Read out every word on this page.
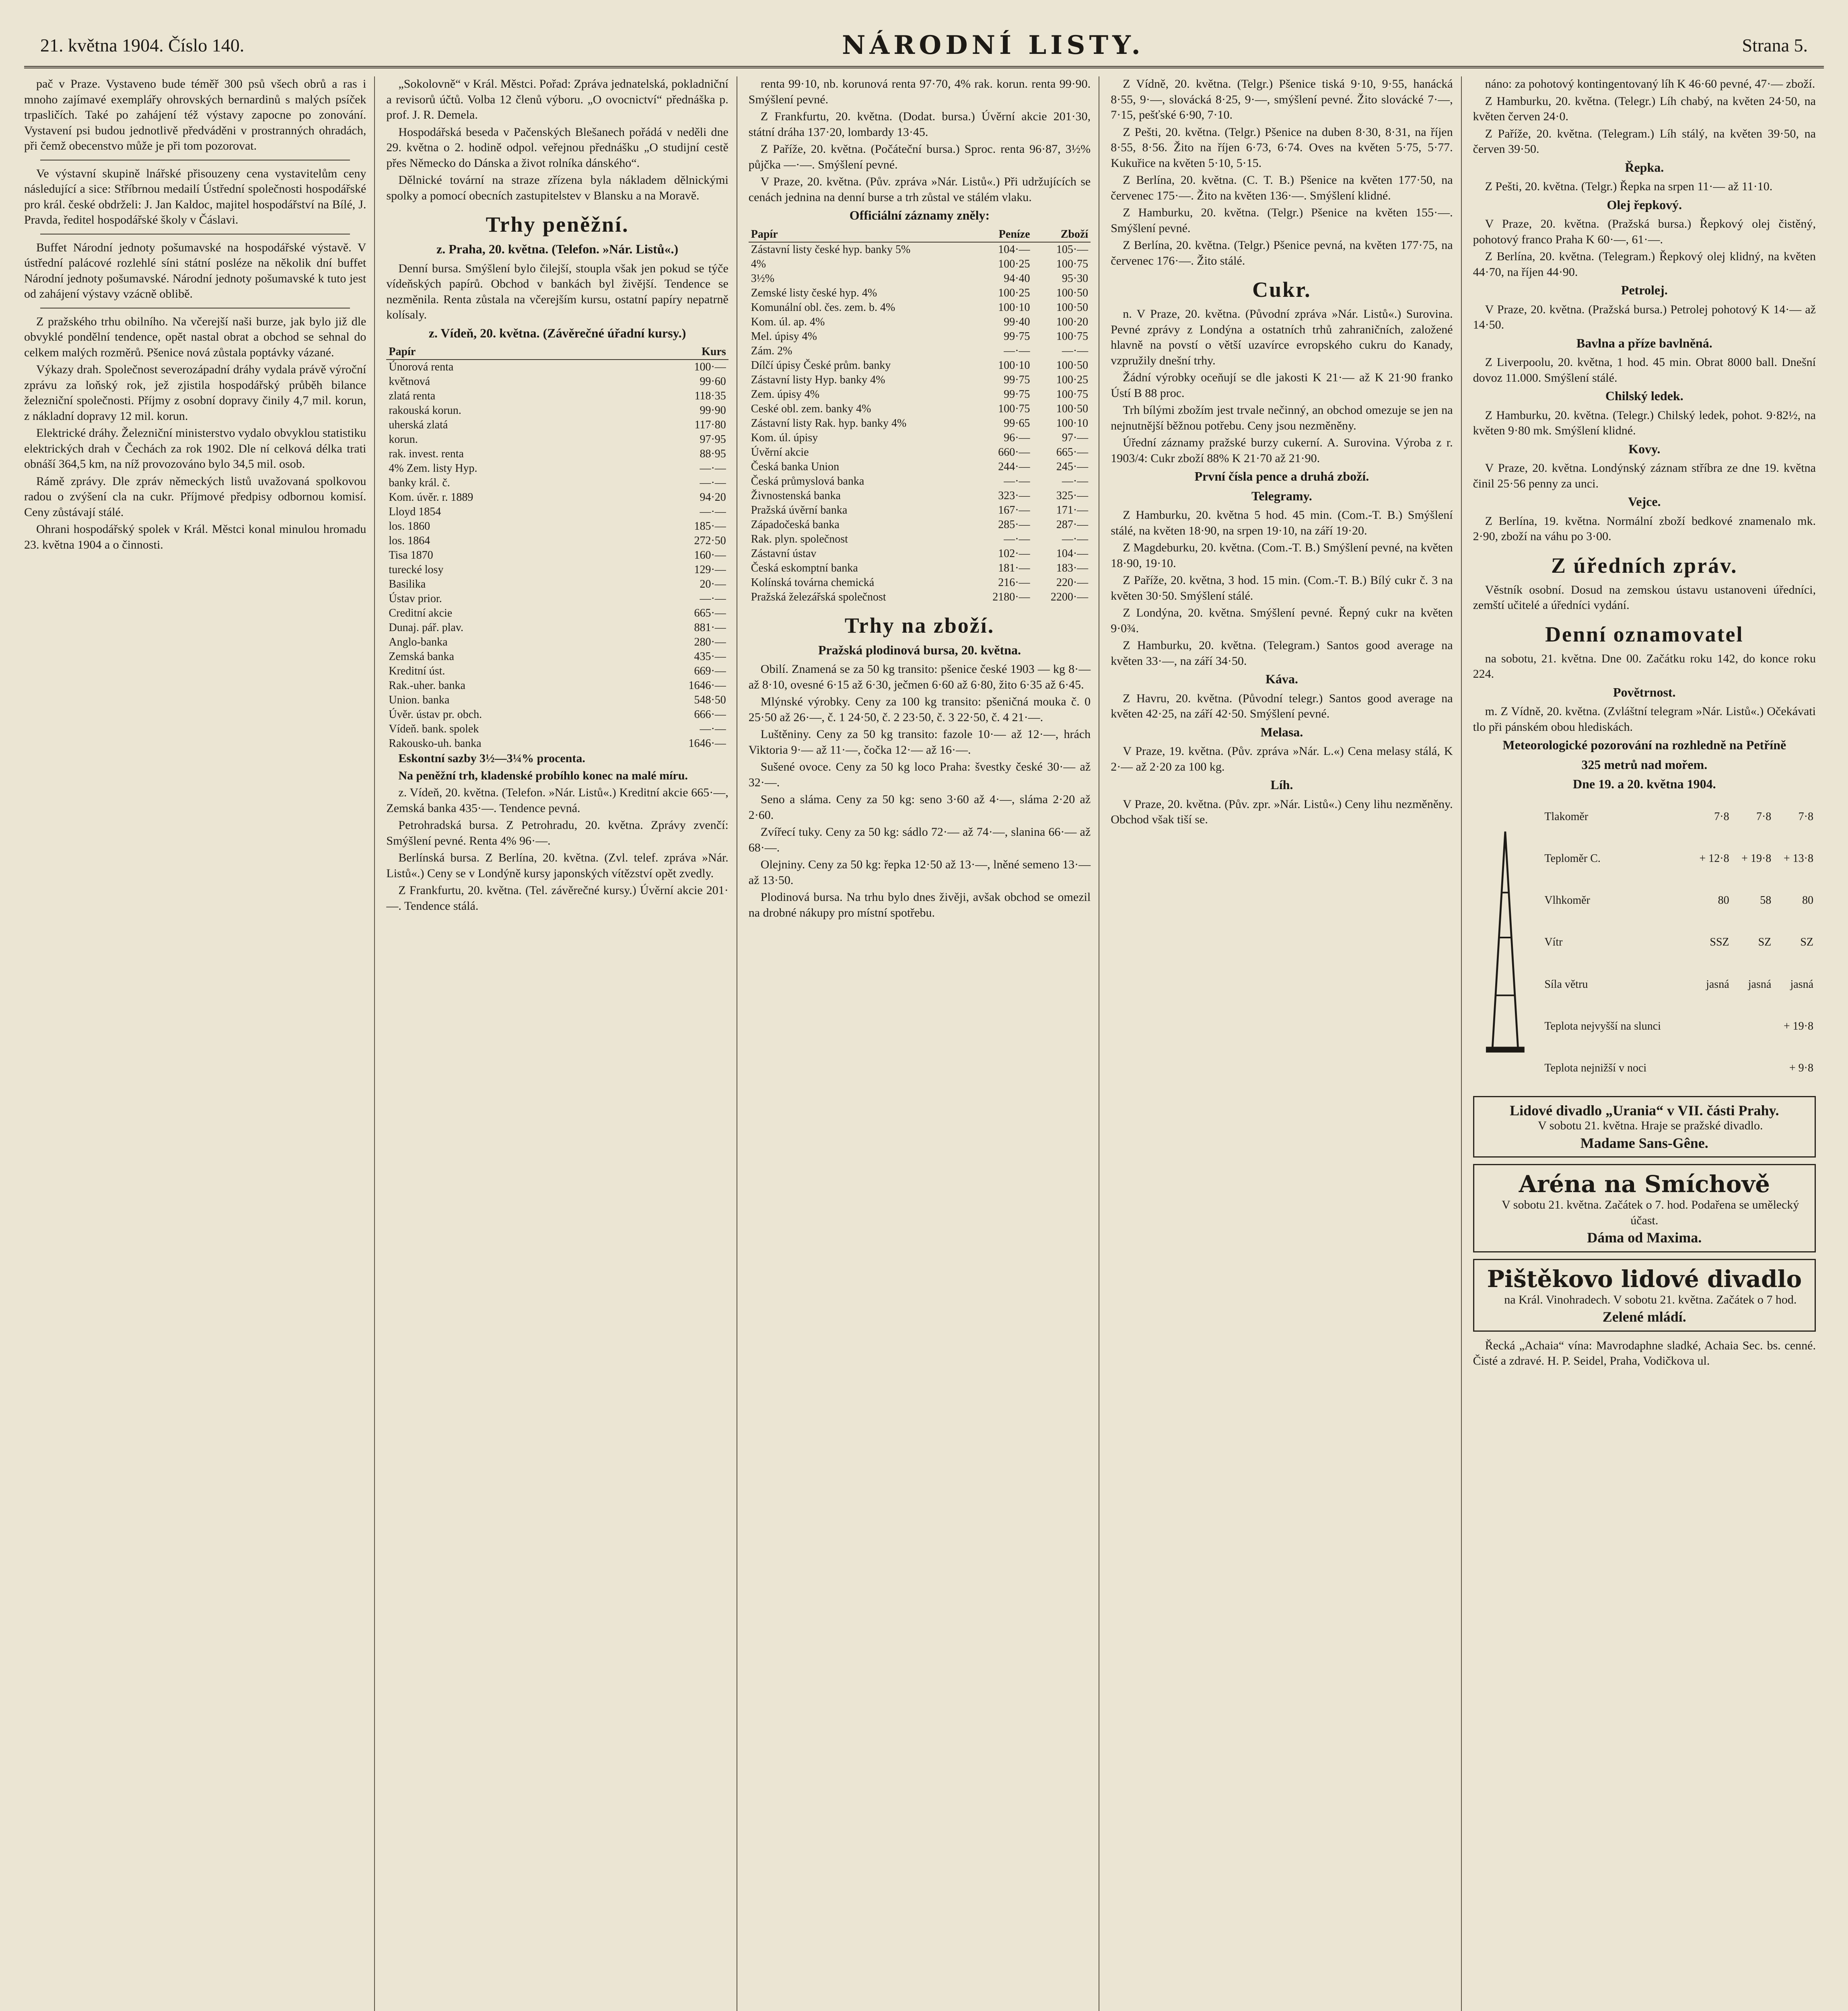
21. května 1904. Číslo 140.	NÁRODNÍ LISTY.	Strana 5.

pač v Praze. Vystaveno bude téměř 300 psů všech obrů a ras i mnoho zajímavé exemplářy ohrovských bernardinů s malých psíček trpasličích. Také po zahájení též výstavy zapocne po zonování. Vystavení psi budou jednotlivě předváděni v prostranných ohradách, při čemž obecenstvo může je při tom pozorovat.

Ve výstavní skupině lnářské přisouzeny cena vystavitelům ceny následující a sice: Stříbrnou medailí Ústřední společnosti hospodářské pro král. české obdrželi: J. Jan Kaldoc, majitel hospodářství na Bílé, J. Pravda, ředitel hospodářské školy v Čáslavi.

Buffet Národní jednoty pošumavské na hospodářské výstavě. V ústřední palácové rozlehlé síni státní posléze na několik dní buffet Národní jednoty pošumavské. Národní jednoty pošumavské k tuto jest od zahájení výstavy vzácně oblibě.

Z pražského trhu obilního. Na včerejší naši burze, jak bylo již dle obvyklé pondělní tendence, opět nastal obrat a obchod se sehnal do celkem malých rozměrů. Pšenice nová zůstala poptávky vázané.

Výkazy drah. Společnost severozápadní dráhy vydala právě výroční zprávu za loňský rok, jež zjistila hospodářský průběh bilance železniční společnosti. Příjmy z osobní dopravy činily 4,7 mil. korun, z nákladní dopravy 12 mil. korun.

Elektrické dráhy. Železniční ministerstvo vydalo obvyklou statistiku elektrických drah v Čechách za rok 1902. Dle ní celková délka trati obnáší 364,5 km, na níž provozováno bylo 34,5 mil. osob.

Rámě zprávy. Dle zpráv německých listů uvažovaná spolkovou radou o zvýšení cla na cukr. Příjmové předpisy odbornou komisí. Ceny zůstávají stálé.

Ohrani hospodářský spolek v Král. Městci konal minulou hromadu 23. května 1904 a o činnosti.

„Sokolovně“ v Král. Městci. Pořad: Zpráva jednatelská, pokladniční a revisorů účtů. Volba 12 členů výboru. „O ovocnictví“ přednáška p. prof. J. R. Demela.

Hospodářská beseda v Pačenských Blešanech pořádá v neděli dne 29. května o 2. hodině odpol. veřejnou přednášku „O studijní cestě přes Německo do Dánska a život rolníka dánského“.

Dělnické tovární na straze zřízena byla nákladem dělnickými spolky a pomocí obecních zastupitelstev v Blansku a na Moravě.

Trhy peněžní.
z. Praha, 20. května. (Telefon. »Nár. Listů«.)

Denní bursa. Smýšlení bylo čilejší, stoupla však jen pokud se týče vídeňských papírů. Obchod v bankách byl živější. Tendence se nezměnila. Renta zůstala na včerejším kursu, ostatní papíry nepatrně kolísaly.

z. Vídeň, 20. května. (Závěrečné úřadní kursy.)
Papír	Kurs
Únorová renta	100·—
květnová	99·60
zlatá renta	118·35
rakouská korun.	99·90
uherská zlatá	117·80
korun.	97·95
rak. invest. renta	88·95
4% Zem. listy Hyp.	—·—
banky král. č.	—·—
Kom. úvěr. r. 1889	94·20
Lloyd 1854	—·—
los. 1860	185·—
los. 1864	272·50
Tisa 1870	160·—
turecké losy	129·—
Basilika	20·—
Ústav prior.	—·—
Creditní akcie	665·—
Dunaj. pář. plav.	881·—
Anglo-banka	280·—
Zemská banka	435·—
Kreditní úst.	669·—
Rak.-uher. banka	1646·—
Union. banka	548·50
Úvěr. ústav pr. obch.	666·—
Vídeň. bank. spolek	—·—
Rakousko-uh. banka	1646·—

Eskontní sazby 3½—3¼% procenta.

Na peněžní trh, kladenské probíhlo konec na malé míru.

z. Vídeň, 20. května. (Telefon. »Nár. Listů«.) Kreditní akcie 665·—, Zemská banka 435·—. Tendence pevná.

Petrohradská bursa. Z Petrohradu, 20. května. Zprávy zvenčí: Smýšlení pevné. Renta 4% 96·—.

Berlínská bursa. Z Berlína, 20. května. (Zvl. telef. zpráva »Nár. Listů«.) Ceny se v Londýně kursy japonských vítězství opět zvedly.

Z Frankfurtu, 20. května. (Tel. závěrečné kursy.) Úvěrní akcie 201·—. Tendence stálá.

renta 99·10, nb. korunová renta 97·70, 4% rak. korun. renta 99·90. Smýšlení pevné.

Z Frankfurtu, 20. května. (Dodat. bursa.) Úvěrní akcie 201·30, státní dráha 137·20, lombardy 13·45.

Z Paříže, 20. května. (Počáteční bursa.) Sproc. renta 96·87, 3½% půjčka —·—. Smýšlení pevné.

V Praze, 20. května. (Pův. zpráva »Nár. Listů«.) Při udržujících se cenách jednina na denní burse a trh zůstal ve stálém vlaku.

Officiální záznamy zněly:
Papír	Peníze	Zboží
Zástavní listy české hyp. banky 5%	104·—	105·—
4%	100·25	100·75
3½%	94·40	95·30
Zemské listy české hyp. 4%	100·25	100·50
Komunální obl. čes. zem. b. 4%	100·10	100·50
Kom. úl. ap. 4%	99·40	100·20
Mel. úpisy 4%	99·75	100·75
Zám. 2%	—·—	—·—
Dílčí úpisy České prům. banky	100·10	100·50
Zástavní listy Hyp. banky 4%	99·75	100·25
Zem. úpisy 4%	99·75	100·75
Ceské obl. zem. banky 4%	100·75	100·50
Zástavní listy Rak. hyp. banky 4%	99·65	100·10
Kom. úl. úpisy	96·—	97·—
Úvěrní akcie	660·—	665·—
Česká banka Union	244·—	245·—
Česká průmyslová banka	—·—	—·—
Živnostenská banka	323·—	325·—
Pražská úvěrní banka	167·—	171·—
Západočeská banka	285·—	287·—
Rak. plyn. společnost	—·—	—·—
Zástavní ústav	102·—	104·—
Česká eskomptní banka	181·—	183·—
Kolínská továrna chemická	216·—	220·—
Pražská železářská společnost	2180·—	2200·—
Trhy na zboží.
Pražská plodinová bursa, 20. května.

Obilí. Znamená se za 50 kg transito: pšenice české 1903 — kg 8·— až 8·10, ovesné 6·15 až 6·30, ječmen 6·60 až 6·80, žito 6·35 až 6·45.

Mlýnské výrobky. Ceny za 100 kg transito: pšeničná mouka č. 0 25·50 až 26·—, č. 1 24·50, č. 2 23·50, č. 3 22·50, č. 4 21·—.

Luštěniny. Ceny za 50 kg transito: fazole 10·— až 12·—, hrách Viktoria 9·— až 11·—, čočka 12·— až 16·—.

Sušené ovoce. Ceny za 50 kg loco Praha: švestky české 30·— až 32·—.

Seno a sláma. Ceny za 50 kg: seno 3·60 až 4·—, sláma 2·20 až 2·60.

Zvířecí tuky. Ceny za 50 kg: sádlo 72·— až 74·—, slanina 66·— až 68·—.

Olejniny. Ceny za 50 kg: řepka 12·50 až 13·—, lněné semeno 13·— až 13·50.

Plodinová bursa. Na trhu bylo dnes živěji, avšak obchod se omezil na drobné nákupy pro místní spotřebu.

Z Vídně, 20. května. (Telgr.) Pšenice tiská 9·10, 9·55, hanácká 8·55, 9·—, slovácká 8·25, 9·—, smýšlení pevné. Žito slovácké 7·—, 7·15, pešťské 6·90, 7·10.

Z Pešti, 20. května. (Telgr.) Pšenice na duben 8·30, 8·31, na říjen 8·55, 8·56. Žito na říjen 6·73, 6·74. Oves na květen 5·75, 5·77. Kukuřice na květen 5·10, 5·15.

Z Berlína, 20. května. (C. T. B.) Pšenice na květen 177·50, na červenec 175·—. Žito na květen 136·—. Smýšlení klidné.

Z Hamburku, 20. května. (Telgr.) Pšenice na květen 155·—. Smýšlení pevné.

Z Berlína, 20. května. (Telgr.) Pšenice pevná, na květen 177·75, na červenec 176·—. Žito stálé.

Cukr.

n. V Praze, 20. května. (Původní zpráva »Nár. Listů«.) Surovina. Pevné zprávy z Londýna a ostatních trhů zahraničních, založené hlavně na povstí o větší uzavírce evropského cukru do Kanady, vzpružily dnešní trhy.

Žádní výrobky oceňují se dle jakosti K 21·— až K 21·90 franko Ústí B 88 proc.

Trh bílými zbožím jest trvale nečinný, an obchod omezuje se jen na nejnutnější běžnou potřebu. Ceny jsou nezměněny.

Úřední záznamy pražské burzy cukerní. A. Surovina. Výroba z r. 1903/4: Cukr zboží 88% K 21·70 až 21·90.

První čísla pence a druhá zboží.
Telegramy.

Z Hamburku, 20. května 5 hod. 45 min. (Com.-T. B.) Smýšlení stálé, na květen 18·90, na srpen 19·10, na září 19·20.

Z Magdeburku, 20. května. (Com.-T. B.) Smýšlení pevné, na květen 18·90, 19·10.

Z Paříže, 20. května, 3 hod. 15 min. (Com.-T. B.) Bílý cukr č. 3 na květen 30·50. Smýšlení stálé.

Z Londýna, 20. května. Smýšlení pevné. Řepný cukr na květen 9·0¾.

Z Hamburku, 20. května. (Telegram.) Santos good average na květen 33·—, na září 34·50.

Káva.

Z Havru, 20. května. (Původní telegr.) Santos good average na květen 42·25, na září 42·50. Smýšlení pevné.

Melasa.

V Praze, 19. května. (Pův. zpráva »Nár. L.«) Cena melasy stálá, K 2·— až 2·20 za 100 kg.

Líh.

V Praze, 20. května. (Pův. zpr. »Nár. Listů«.) Ceny lihu nezměněny. Obchod však tiší se.

náno: za pohotový kontingentovaný líh K 46·60 pevné, 47·— zboží.

Z Hamburku, 20. května. (Telegr.) Líh chabý, na květen 24·50, na květen červen 24·0.

Z Paříže, 20. května. (Telegram.) Líh stálý, na květen 39·50, na červen 39·50.

Řepka.

Z Pešti, 20. května. (Telgr.) Řepka na srpen 11·— až 11·10.

Olej řepkový.

V Praze, 20. května. (Pražská bursa.) Řepkový olej čistěný, pohotový franco Praha K 60·—, 61·—.

Z Berlína, 20. května. (Telegram.) Řepkový olej klidný, na květen 44·70, na říjen 44·90.

Petrolej.

V Praze, 20. května. (Pražská bursa.) Petrolej pohotový K 14·— až 14·50.

Bavlna a příze bavlněná.

Z Liverpoolu, 20. května, 1 hod. 45 min. Obrat 8000 ball. Dnešní dovoz 11.000. Smýšlení stálé.

Chilský ledek.

Z Hamburku, 20. května. (Telegr.) Chilský ledek, pohot. 9·82½, na květen 9·80 mk. Smýšlení klidné.

Kovy.

V Praze, 20. května. Londýnský záznam stříbra ze dne 19. května činil 25·56 penny za unci.

Vejce.

Z Berlína, 19. května. Normální zboží bedkové znamenalo mk. 2·90, zboží na váhu po 3·00.

Z úředních zpráv.

Věstník osobní. Dosud na zemskou ústavu ustanoveni úředníci, zemští učitelé a úředníci vydání.

Denní oznamovatel

na sobotu, 21. května. Dne 00. Začátku roku 142, do konce roku 224.

Povětrnost.

m. Z Vídně, 20. května. (Zvláštní telegram »Nár. Listů«.) Očekávati tlo při pánském obou hlediskách.

Meteorologické pozorování na rozhledně na Petříně
325 metrů nad mořem.
Dne 19. a 20. května 1904.
Tlakoměr	7·8	7·8	7·8
Teploměr C.	+ 12·8	+ 19·8	+ 13·8
Vlhkoměr	80	58	80
Vítr	SSZ	SZ	SZ
Síla větru	jasná	jasná	jasná
Teplota nejvyšší na slunci			+ 19·8
Teplota nejnižší v noci			+ 9·8
Lidové divadlo „Urania“ v VII. části Prahy.

V sobotu 21. května. Hraje se pražské divadlo.

Madame Sans-Gêne.
Aréna na Smíchově

V sobotu 21. května. Začátek o 7. hod. Podařena se umělecký účast.

Dáma od Maxima.
Pištěkovo lidové divadlo

na Král. Vinohradech. V sobotu 21. května. Začátek o 7 hod.

Zelené mládí.

Řecká „Achaia“ vína: Mavrodaphne sladké, Achaia Sec. bs. cenné. Čisté a zdravé. H. P. Seidel, Praha, Vodičkova ul.
